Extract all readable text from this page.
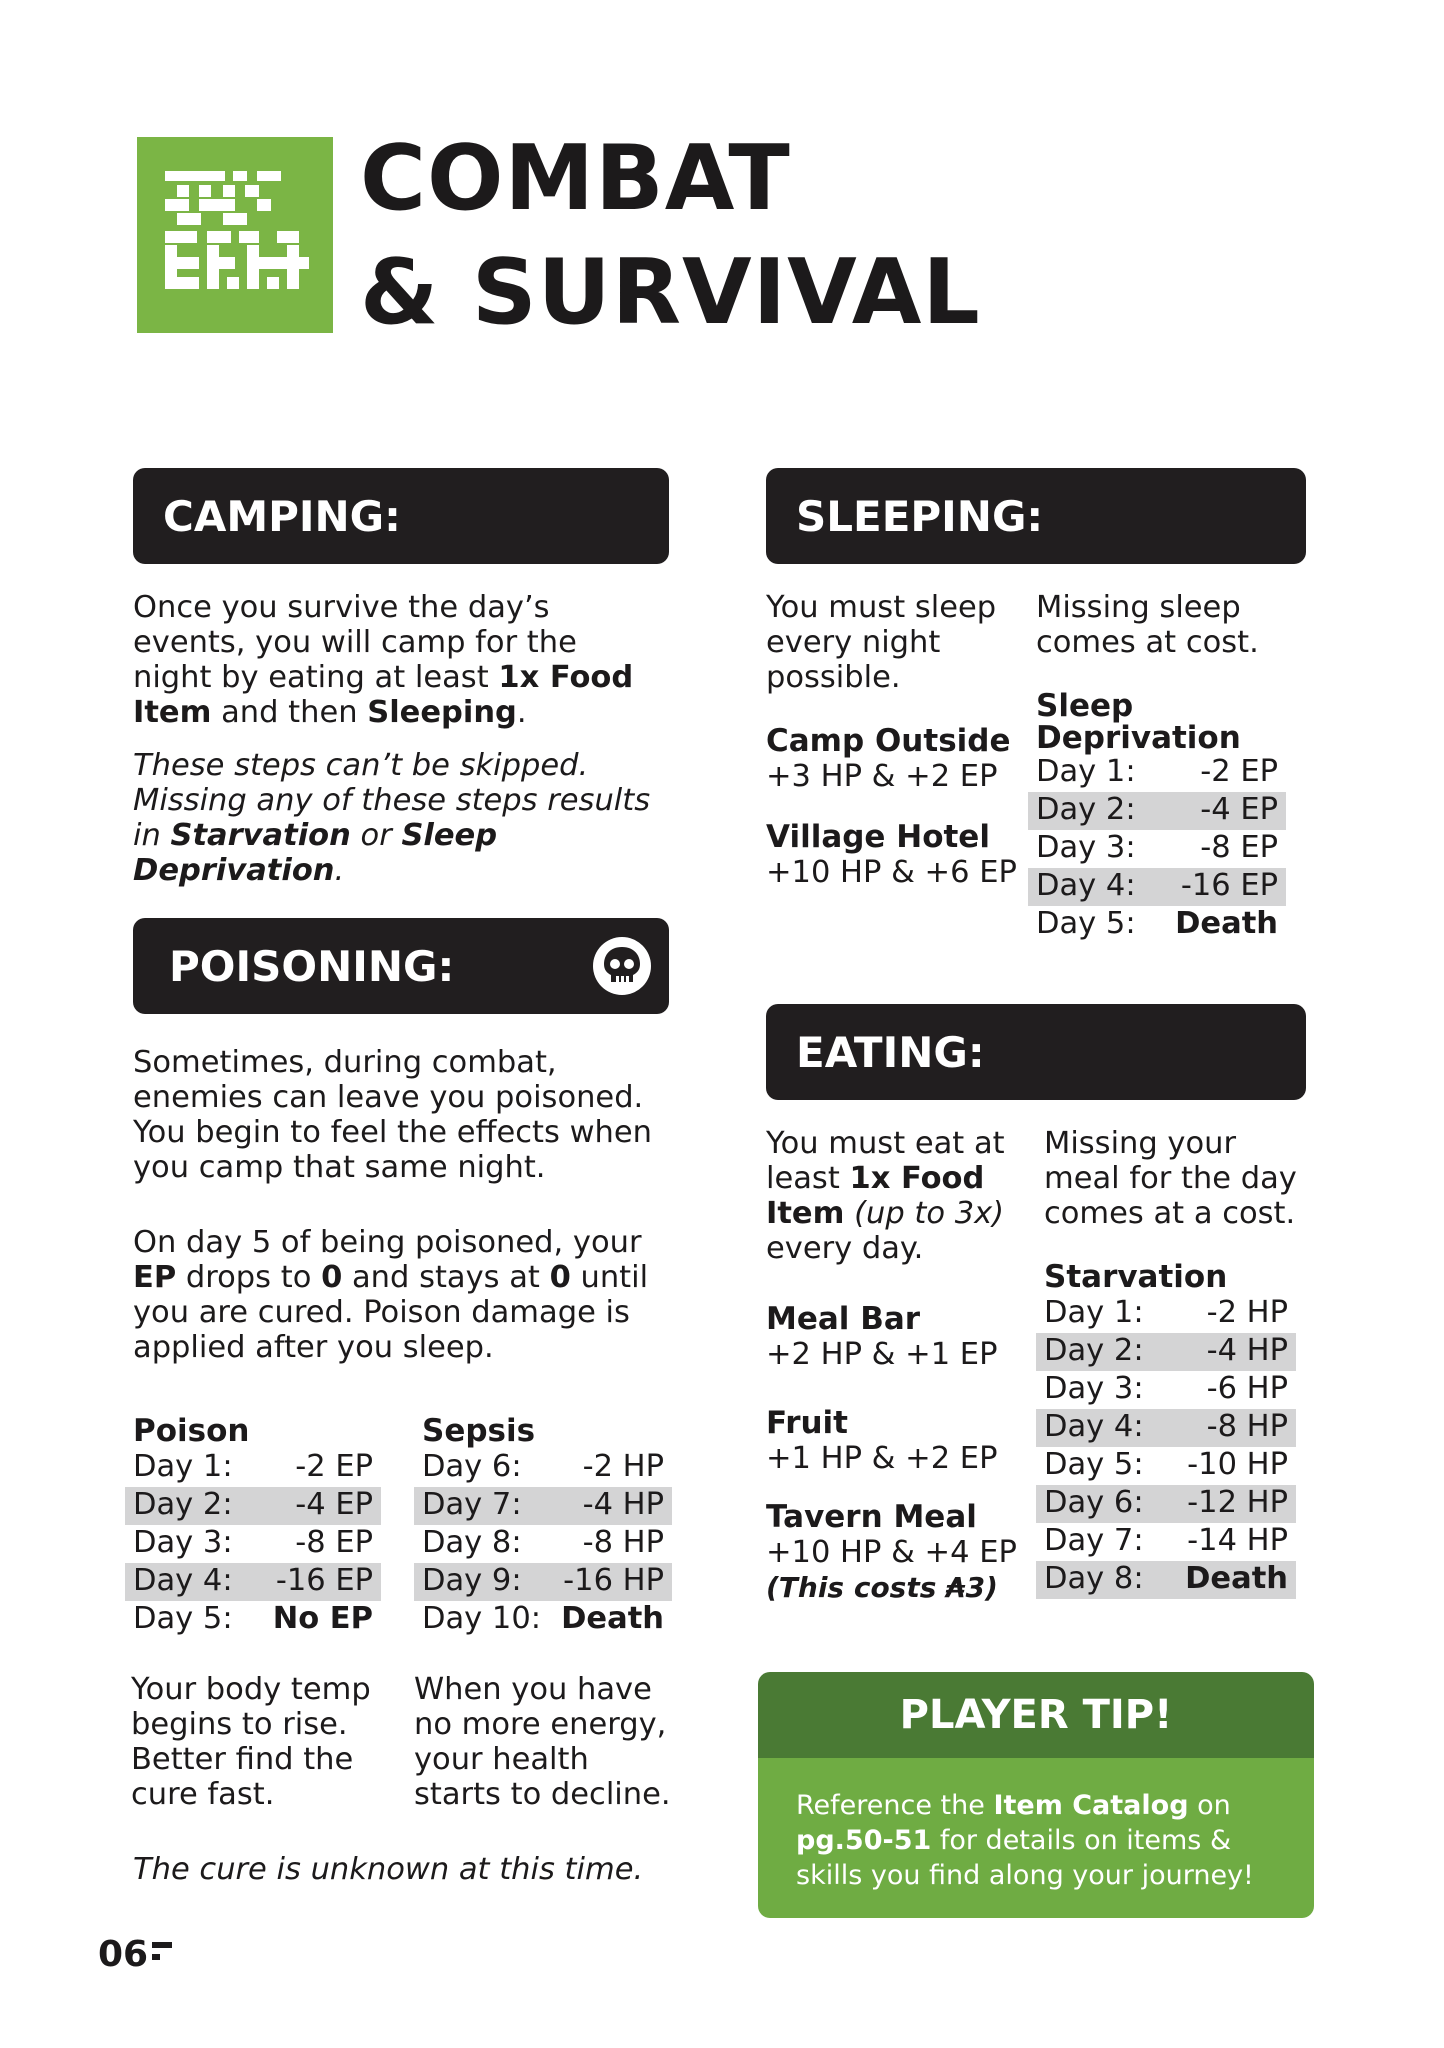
COMBAT
& SURVIVAL
CAMPING:

Once you survive the day’s events, you will camp for the night by eating at least 1x Food Item and then Sleeping.

These steps can’t be skipped. Missing any of these steps results in Starvation or Sleep Deprivation.

POISONING:

Sometimes, during combat, enemies can leave you poisoned. You begin to feel the effects when you camp that same night.

On day 5 of being poisoned, your EP drops to 0 and stays at 0 until you are cured. Poison damage is applied after you sleep.

Poison
Day 1: -2 EP
Day 2: -4 EP
Day 3: -8 EP
Day 4: -16 EP
Day 5: No EP
Sepsis
Day 6: -2 HP
Day 7: -4 HP
Day 8: -8 HP
Day 9: -16 HP
Day 10: Death
Your body temp begins to rise. Better find the cure fast.
When you have no more energy, your health starts to decline.
The cure is unknown at this time.
SLEEPING:
You must sleep every night possible.
Missing sleep comes at cost.
Camp Outside
+3 HP & +2 EP
Village Hotel
+10 HP & +6 EP
Sleep Deprivation
Day 1: -2 EP
Day 2: -4 EP
Day 3: -8 EP
Day 4: -16 EP
Day 5: Death
EATING:
You must eat at least 1x Food Item (up to 3x) every day.
Missing your meal for the day comes at a cost.
Meal Bar
+2 HP & +1 EP
Fruit
+1 HP & +2 EP
Tavern Meal
+10 HP & +4 EP
(This costs ₳3)
Starvation
Day 1: -2 HP
Day 2: -4 HP
Day 3: -6 HP
Day 4: -8 HP
Day 5: -10 HP
Day 6: -12 HP
Day 7: -14 HP
Day 8: Death
PLAYER TIP!
Reference the Item Catalog on pg.50-51 for details on items & skills you find along your journey!
06
